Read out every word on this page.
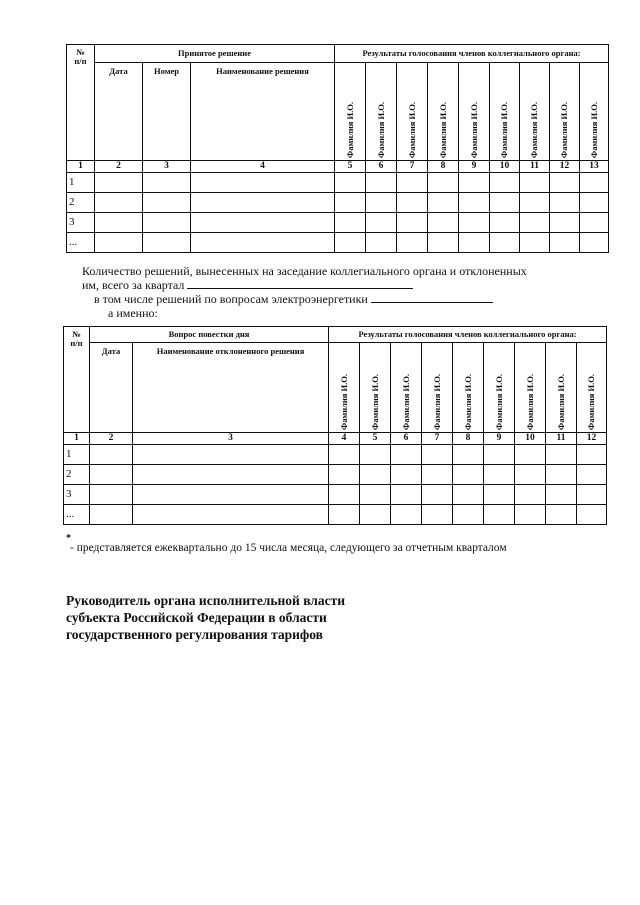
№
п/п	Принятое решение			Результаты голосования членов коллегиального органа:								
	Дата	Номер	Наименование решения	Фамилия И.О.	Фамилия И.О.	Фамилия И.О.	Фамилия И.О.	Фамилия И.О.	Фамилия И.О.	Фамилия И.О.	Фамилия И.О.	Фамилия И.О.
1	2	3	4	5	6	7	8	9	10	11	12	13
1												
2												
3												
...												
Количество решений, вынесенных на заседание коллегиального органа и отклоненных
им, всего за квартал
в том числе решений по вопросам электроэнергетики
а именно:
№
п/п	Вопрос повестки дня		Результаты голосования членов коллегиального органа:								
	Дата	Наименование отклоненного решения	Фамилия И.О.	Фамилия И.О.	Фамилия И.О.	Фамилия И.О.	Фамилия И.О.	Фамилия И.О.	Фамилия И.О.	Фамилия И.О.	Фамилия И.О.
1	2	3	4	5	6	7	8	9	10	11	12
1											
2											
3											
...											
*
- представляется ежеквартально до 15 числа месяца, следующего за отчетным кварталом
Руководитель органа исполнительной власти
субъекта Российской Федерации в области
государственного регулирования тарифов
